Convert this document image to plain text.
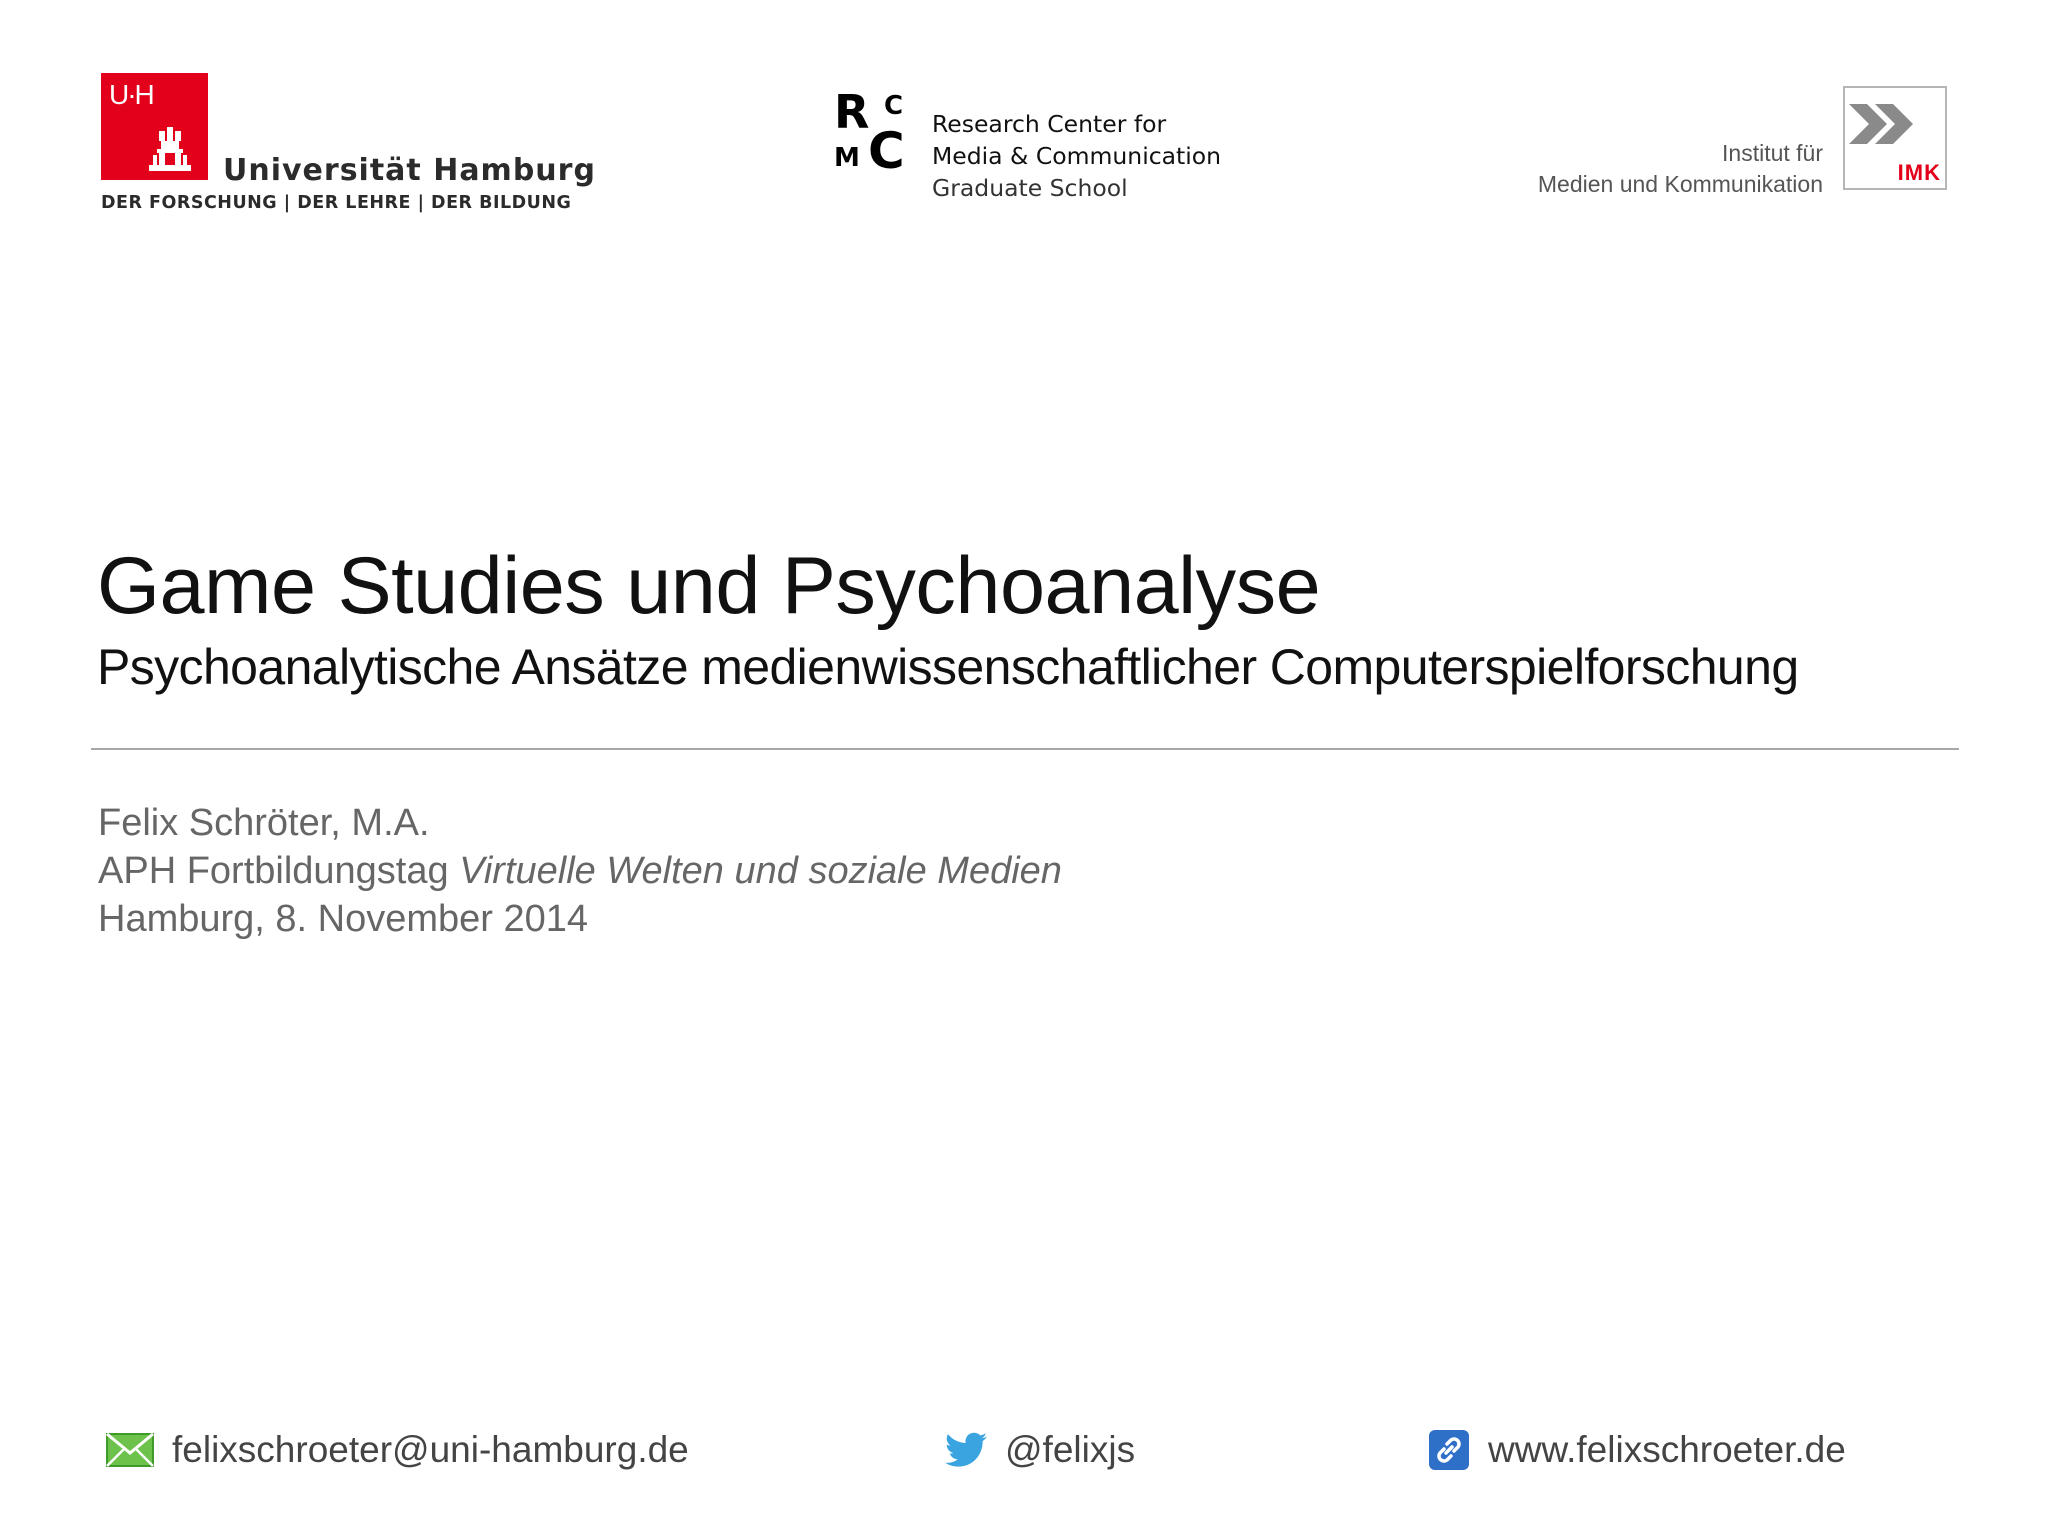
U·H
Universität Hamburg
DER FORSCHUNG | DER LEHRE | DER BILDUNG
R C
M C Research Center for
Media & Communication
Graduate School
Institut für
Medien und Kommunikation	IMK
Game Studies und Psychoanalyse
Psychoanalytische Ansätze medienwissenschaftlicher Computerspielforschung
Felix Schröter, M.A.
APH Fortbildungstag Virtuelle Welten und soziale Medien
Hamburg, 8. November 2014
felixschroeter@uni-hamburg.de	@felixjs	www.felixschroeter.de
